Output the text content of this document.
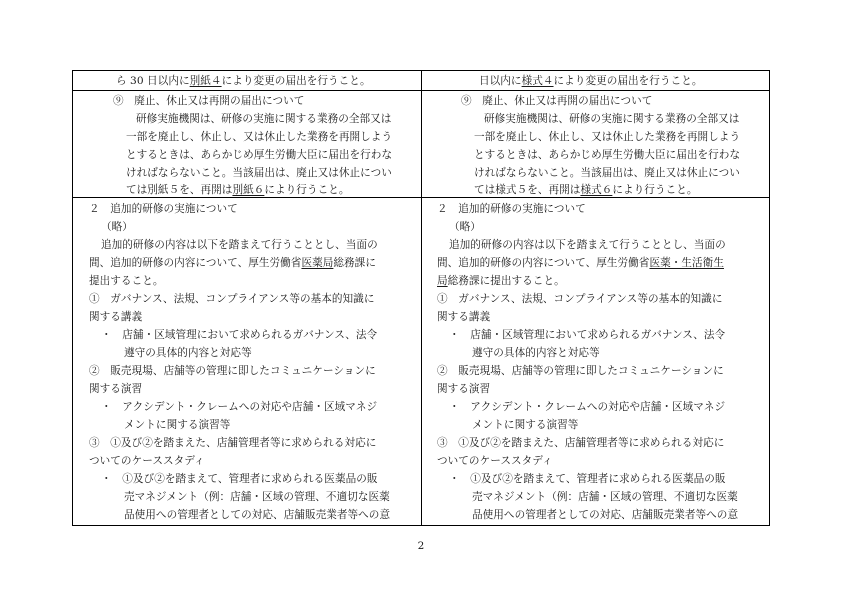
ら 30 日以内に別紙４により変更の届出を行うこと。
⑨　廃止、休止又は再開の届出について
研修実施機関は、研修の実施に関する業務の全部又は
一部を廃止し、休止し、又は休止した業務を再開しよう
とするときは、あらかじめ厚生労働大臣に届出を行わな
ければならないこと。当該届出は、廃止又は休止につい
ては別紙５を、再開は別紙６により行うこと。
２　追加的研修の実施について
（略）
追加的研修の内容は以下を踏まえて行うこととし、当面の
間、追加的研修の内容について、厚生労働省医薬局総務課に
提出すること。
①　ガバナンス、法規、コンプライアンス等の基本的知識に
関する講義
・　店舗・区域管理において求められるガバナンス、法令
遵守の具体的内容と対応等
②　販売現場、店舗等の管理に即したコミュニケーションに
関する演習
・　アクシデント・クレームへの対応や店舗・区域マネジ
メントに関する演習等
③　①及び②を踏まえた、店舗管理者等に求められる対応に
ついてのケーススタディ
・　①及び②を踏まえて、管理者に求められる医薬品の販
売マネジメント（例：店舗・区域の管理、不適切な医薬
品使用への管理者としての対応、店舗販売業者等への意
日以内に様式４により変更の届出を行うこと。
⑨　廃止、休止又は再開の届出について
研修実施機関は、研修の実施に関する業務の全部又は
一部を廃止し、休止し、又は休止した業務を再開しよう
とするときは、あらかじめ厚生労働大臣に届出を行わな
ければならないこと。当該届出は、廃止又は休止につい
ては様式５を、再開は様式６により行うこと。
２　追加的研修の実施について
（略）
追加的研修の内容は以下を踏まえて行うこととし、当面の
間、追加的研修の内容について、厚生労働省医薬・生活衛生
局総務課に提出すること。
①　ガバナンス、法規、コンプライアンス等の基本的知識に
関する講義
・　店舗・区域管理において求められるガバナンス、法令
遵守の具体的内容と対応等
②　販売現場、店舗等の管理に即したコミュニケーションに
関する演習
・　アクシデント・クレームへの対応や店舗・区域マネジ
メントに関する演習等
③　①及び②を踏まえた、店舗管理者等に求められる対応に
ついてのケーススタディ
・　①及び②を踏まえて、管理者に求められる医薬品の販
売マネジメント（例：店舗・区域の管理、不適切な医薬
品使用への管理者としての対応、店舗販売業者等への意
2
